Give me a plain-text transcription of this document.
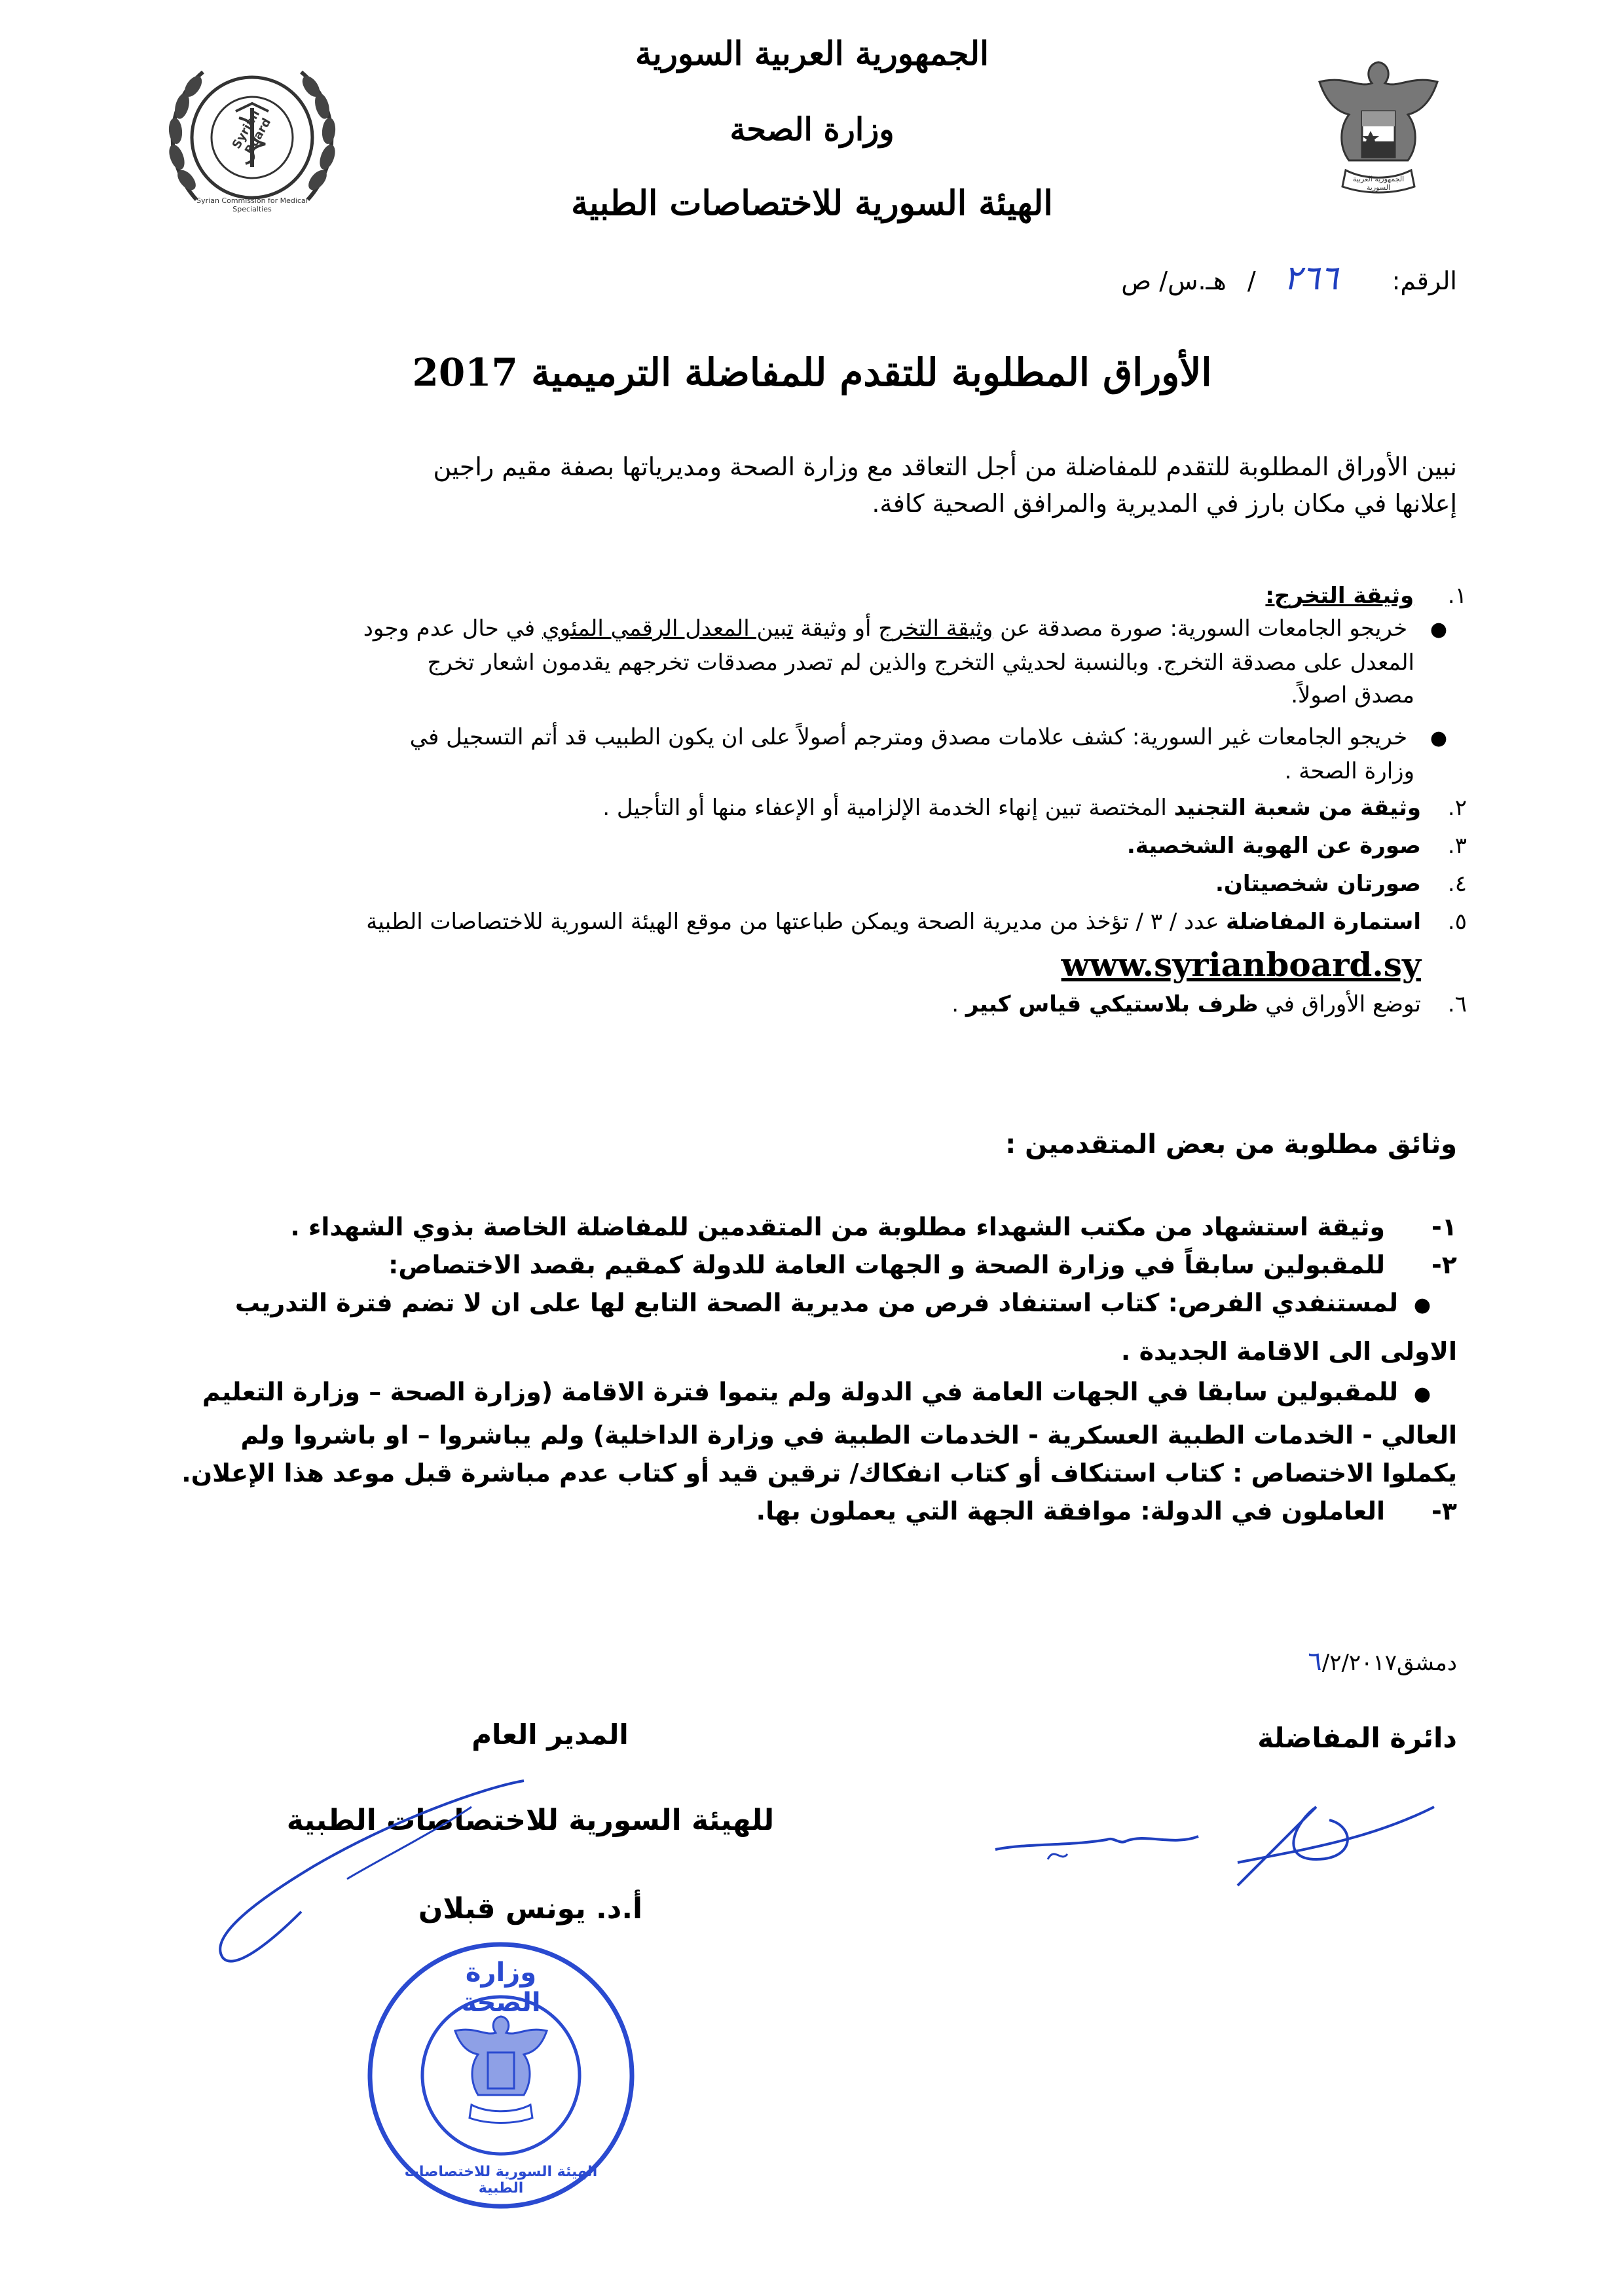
Syrian Board
Syrian Commission for Medical Specialties
الجمهورية العربية السورية
الجمهورية العربية السورية
وزارة الصحة
الهيئة السورية للاختصاصات الطبية
الرقم: ٢٦٦ / هـ.س/ ص
الأوراق المطلوبة للتقدم للمفاضلة الترميمية 2017
نبين الأوراق المطلوبة للتقدم للمفاضلة من أجل التعاقد مع وزارة الصحة ومديرياتها بصفة مقيم راجين
إعلانها في مكان بارز في المديرية والمرافق الصحية كافة.
١. وثيقة التخرج:
● خريجو الجامعات السورية: صورة مصدقة عن وثيقة التخرج أو وثيقة تبين المعدل الرقمي المئوي في حال عدم وجود
المعدل على مصدقة التخرج. وبالنسبة لحديثي التخرج والذين لم تصدر مصدقات تخرجهم يقدمون اشعار تخرج
مصدق اصولاً.
● خريجو الجامعات غير السورية: كشف علامات مصدق ومترجم أصولاً على ان يكون الطبيب قد أتم التسجيل في
وزارة الصحة .
٢.وثيقة من شعبة التجنيد المختصة تبين إنهاء الخدمة الإلزامية أو الإعفاء منها أو التأجيل .
٣.صورة عن الهوية الشخصية.
٤.صورتان شخصيتان.
٥.استمارة المفاضلة عدد / ٣ / تؤخذ من مديرية الصحة ويمكن طباعتها من موقع الهيئة السورية للاختصاصات الطبية
www.syrianboard.sy
٦.توضع الأوراق في ظرف بلاستيكي قياس كبير .
وثائق مطلوبة من بعض المتقدمين :
١-وثيقة استشهاد من مكتب الشهداء مطلوبة من المتقدمين للمفاضلة الخاصة بذوي الشهداء .
٢-للمقبولين سابقاً في وزارة الصحة و الجهات العامة للدولة كمقيم بقصد الاختصاص:
●لمستنفدي الفرص: كتاب استنفاد فرص من مديرية الصحة التابع لها على ان لا تضم فترة التدريب
الاولى الى الاقامة الجديدة .
●للمقبولين سابقا في الجهات العامة في الدولة ولم يتموا فترة الاقامة (وزارة الصحة – وزارة التعليم
العالي - الخدمات الطبية العسكرية - الخدمات الطبية في وزارة الداخلية) ولم يباشروا – او باشروا ولم
يكملوا الاختصاص : كتاب استنكاف أو كتاب انفكاك/ ترقين قيد أو كتاب عدم مباشرة قبل موعد هذا الإعلان.
٣-العاملون في الدولة: موافقة الجهة التي يعملون بها.
دمشق٦/٢/٢٠١٧
دائرة المفاضلة
المدير العام
للهيئة السورية للاختصاصات الطبية
أ.د. يونس قبلان
وزارة الصحة
الهيئة السورية للاختصاصات الطبية
